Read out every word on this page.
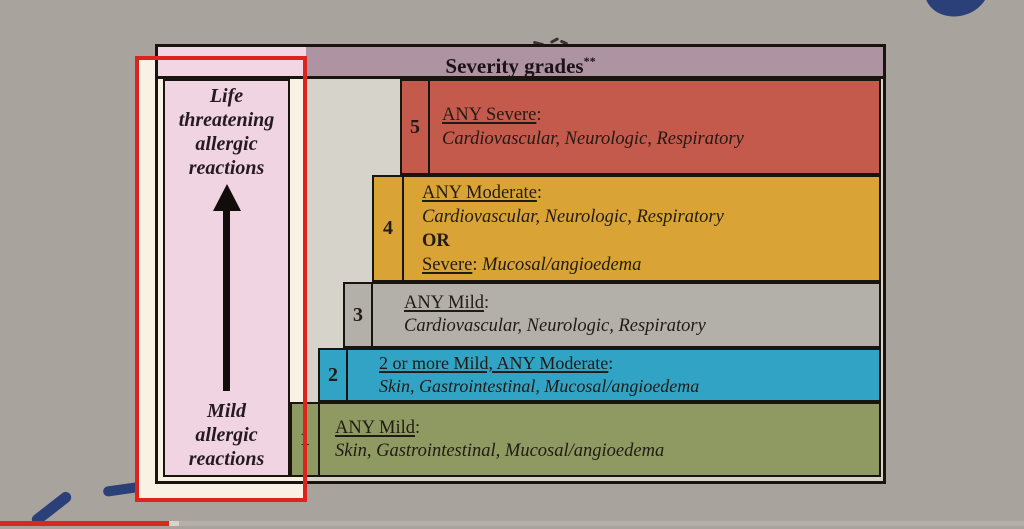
Severity grades**
Life
threatening
allergic
reactions
Mild
allergic
reactions
5
ANY Severe:
Cardiovascular, Neurologic, Respiratory
4
ANY Moderate:
Cardiovascular, Neurologic, Respiratory
OR
Severe: Mucosal/angioedema
3
ANY Mild:
Cardiovascular, Neurologic, Respiratory
2
2 or more Mild, ANY Moderate:
Skin, Gastrointestinal, Mucosal/angioedema
1
ANY Mild:
Skin, Gastrointestinal, Mucosal/angioedema
